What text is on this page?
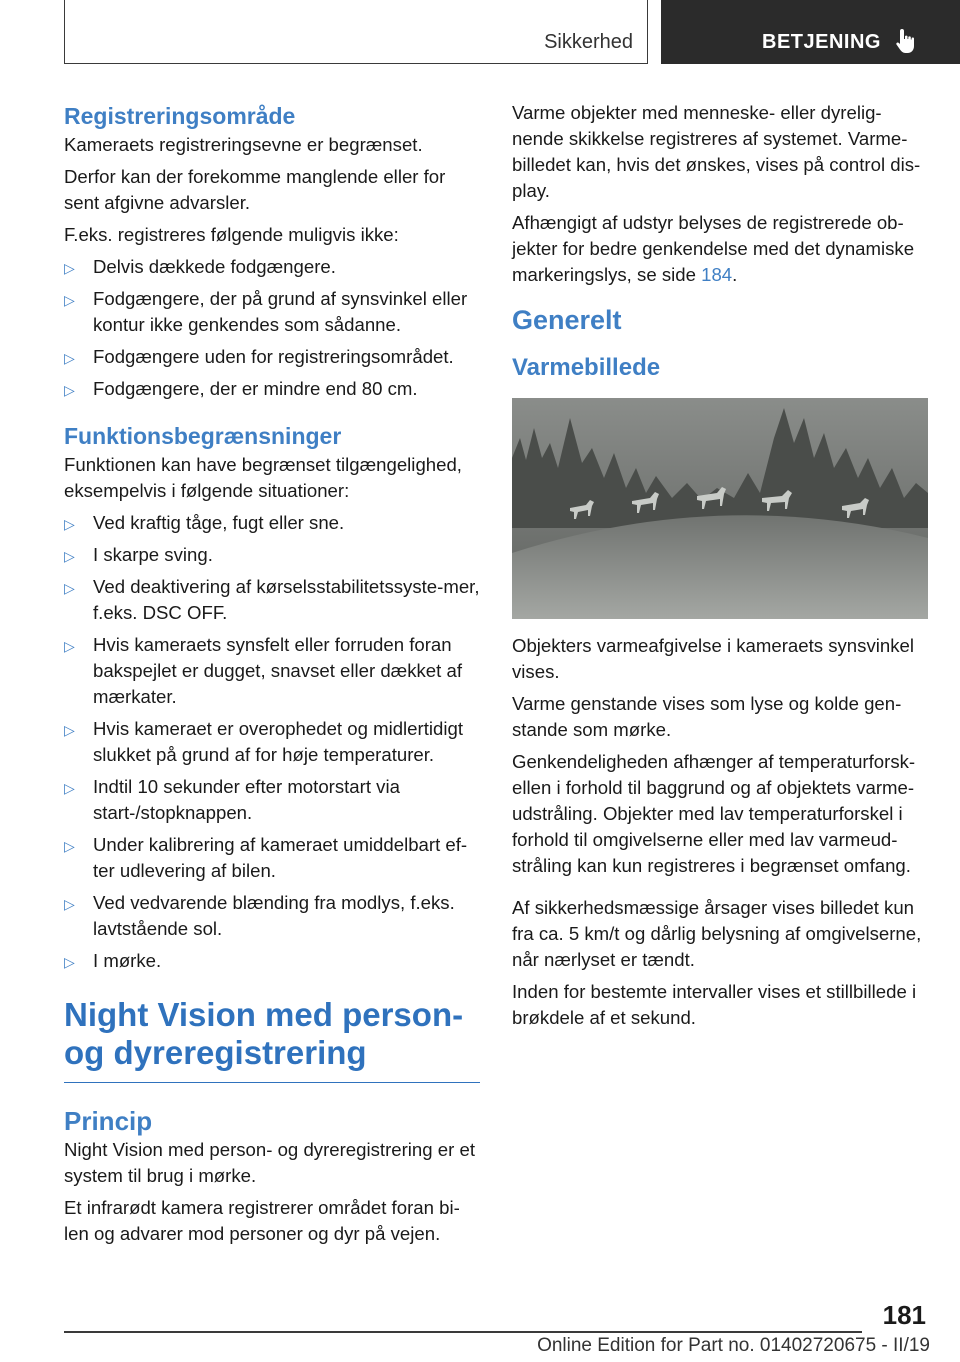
Sikkerhed	BETJENING
Registreringsområde

Kameraets registreringsevne er begrænset.

Derfor kan der forekomme manglende eller for sent afgivne advarsler.

F.eks. registreres følgende muligvis ikke:

▷ Delvis dækkede fodgængere.
▷ Fodgængere, der på grund af synsvinkel eller kontur ikke genkendes som sådanne.
▷ Fodgængere uden for registreringsområdet.
▷ Fodgængere, der er mindre end 80 cm.
Funktionsbegrænsninger

Funktionen kan have begrænset tilgængelighed, eksempelvis i følgende situationer:

▷ Ved kraftig tåge, fugt eller sne.
▷ I skarpe sving.
▷ Ved deaktivering af kørselsstabilitetssyste-mer, f.eks. DSC OFF.
▷ Hvis kameraets synsfelt eller forruden foran bakspejlet er dugget, snavset eller dækket af mærkater.
▷ Hvis kameraet er overophedet og midlertidigt slukket på grund af for høje temperaturer.
▷ Indtil 10 sekunder efter motorstart via start-/stopknappen.
▷ Under kalibrering af kameraet umiddelbart ef-ter udlevering af bilen.
▷ Ved vedvarende blænding fra modlys, f.eks. lavtstående sol.
▷ I mørke.
Night Vision med person- og dyreregistrering
Princip

Night Vision med person- og dyreregistrering er et system til brug i mørke.

Et infrarødt kamera registrerer området foran bi-len og advarer mod personer og dyr på vejen.

Varme objekter med menneske- eller dyrelig-nende skikkelse registreres af systemet. Varme-billedet kan, hvis det ønskes, vises på control dis-play.

Afhængigt af udstyr belyses de registrerede ob-jekter for bedre genkendelse med det dynamiske markeringslys, se side 184.

Generelt
Varmebillede

Objekters varmeafgivelse i kameraets synsvinkel vises.

Varme genstande vises som lyse og kolde gen-stande som mørke.

Genkendeligheden afhænger af temperaturforsk-ellen i forhold til baggrund og af objektets varme-udstråling. Objekter med lav temperaturforskel i forhold til omgivelserne eller med lav varmeud-stråling kan kun registreres i begrænset omfang.

Af sikkerhedsmæssige årsager vises billedet kun fra ca. 5 km/t og dårlig belysning af omgivelserne, når nærlyset er tændt.

Inden for bestemte intervaller vises et stillbillede i brøkdele af et sekund.

181
Online Edition for Part no. 01402720675 - II/19
